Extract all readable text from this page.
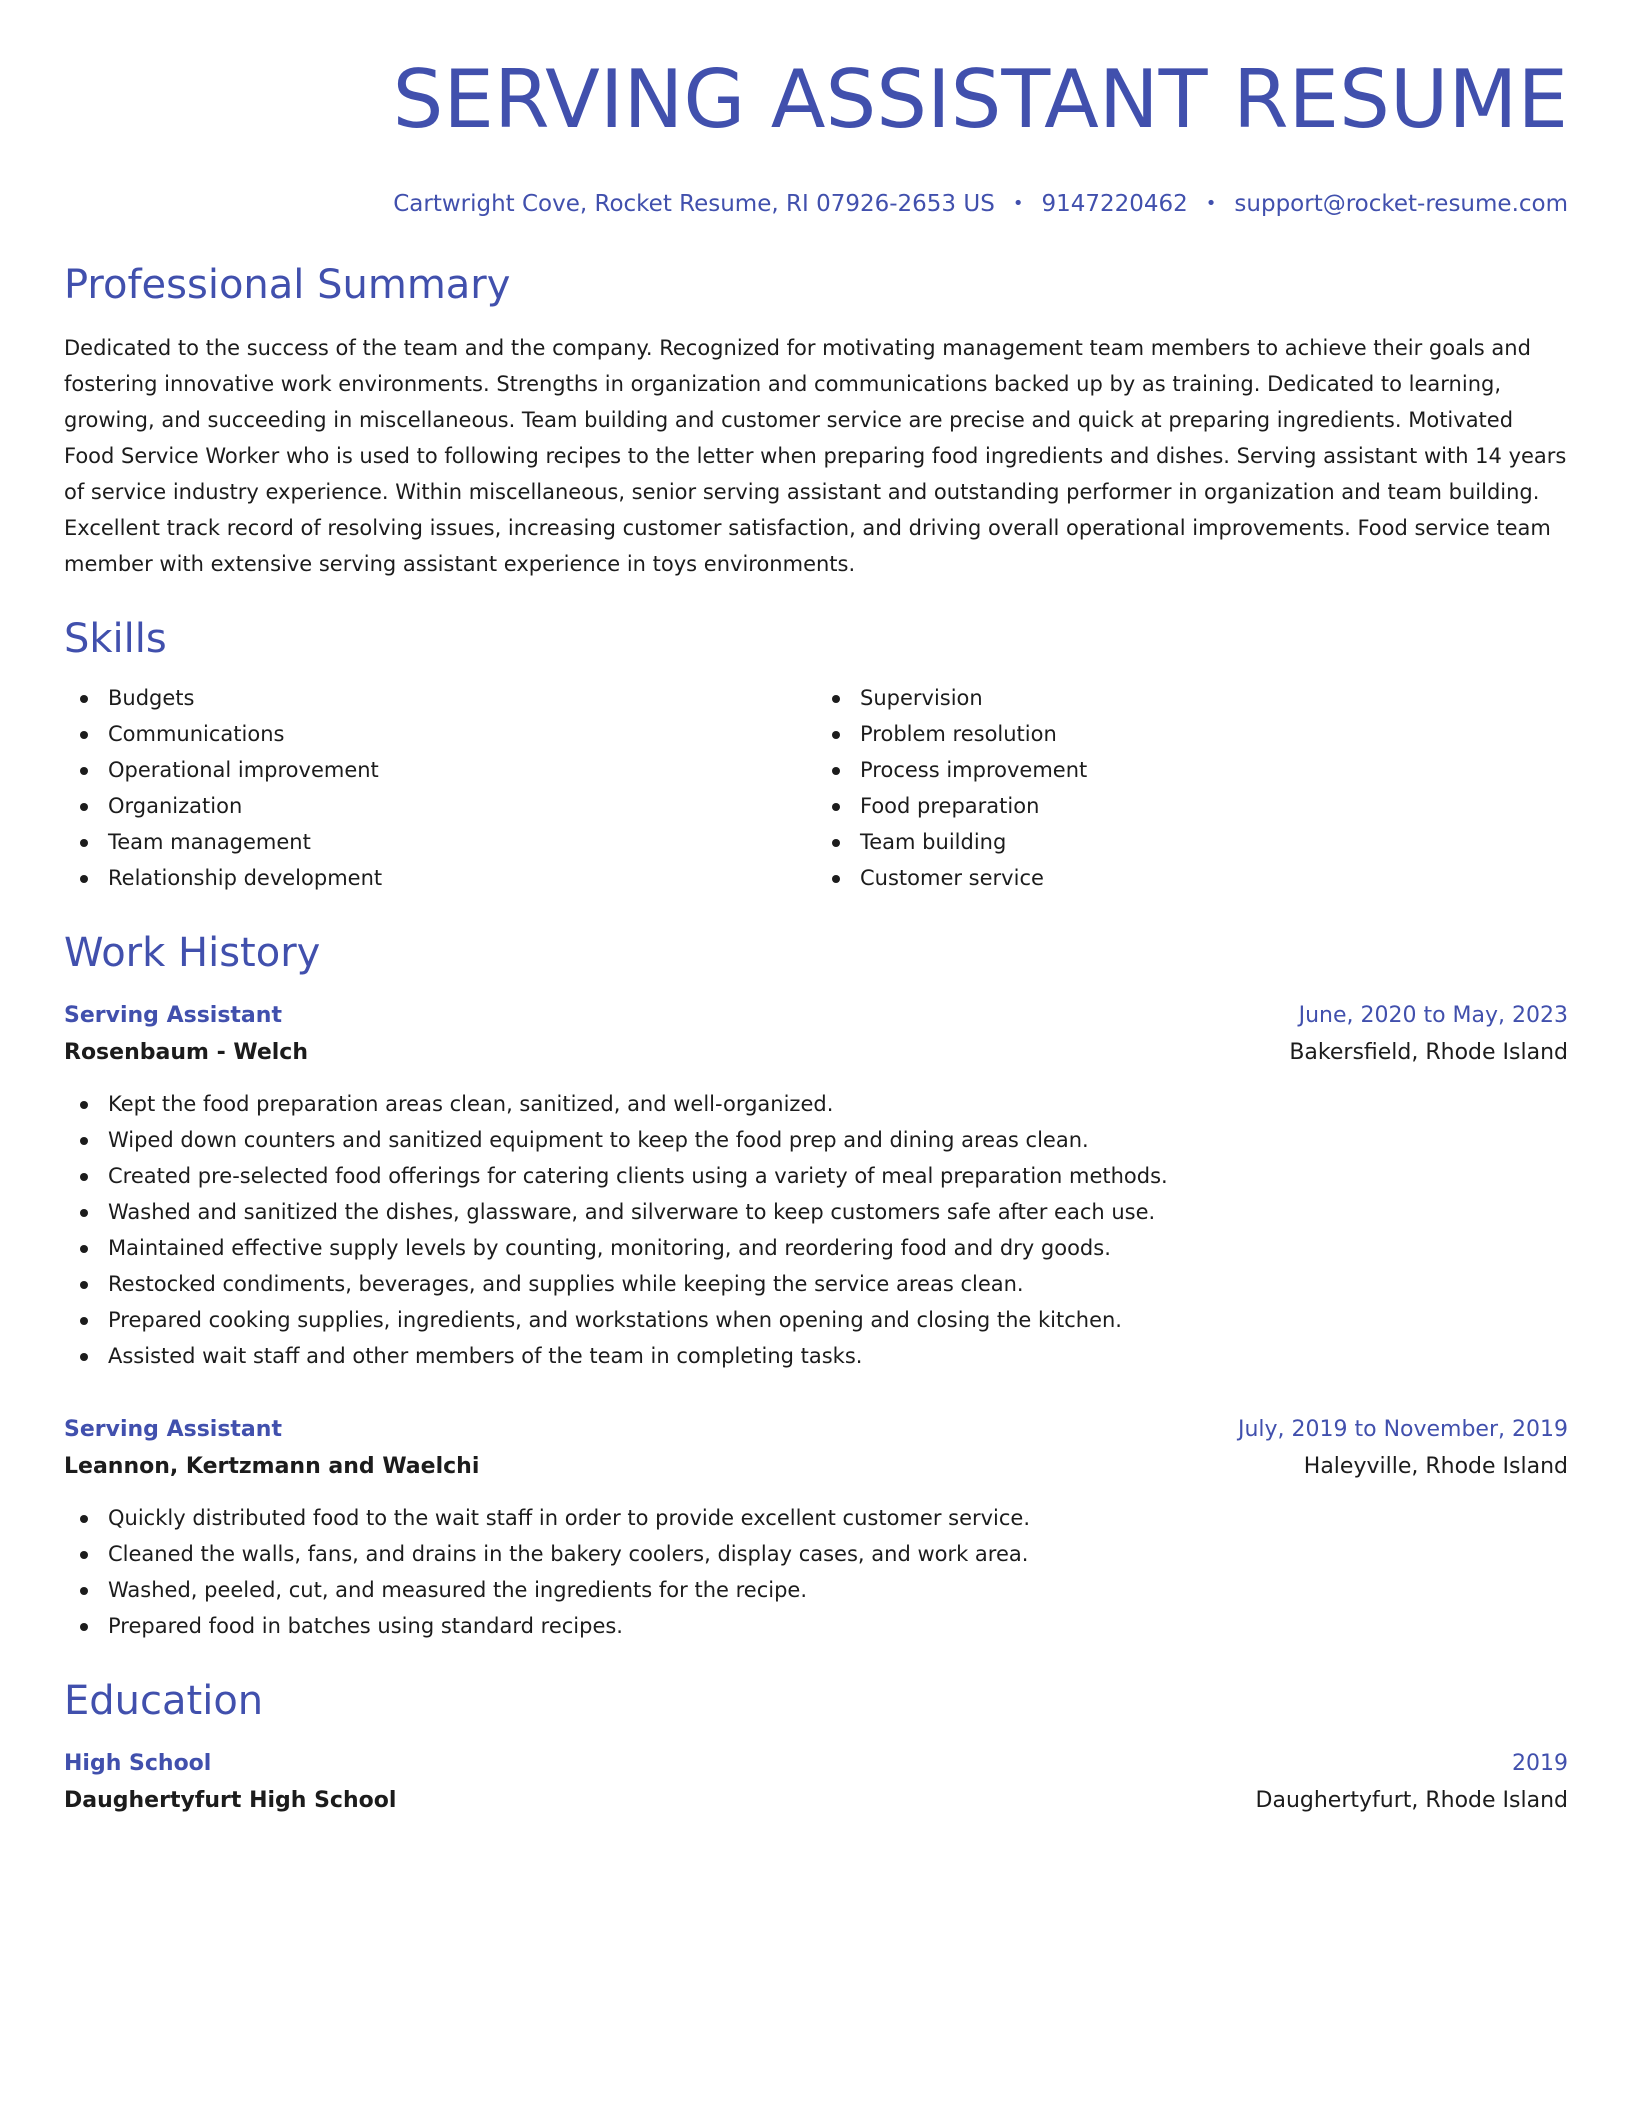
SERVING ASSISTANT RESUME
Cartwright Cove, Rocket Resume, RI 07926-2653 US • 9147220462 • support@rocket-resume.com
Professional Summary

Dedicated to the success of the team and the company. Recognized for motivating management team members to achieve their goals and fostering innovative work environments. Strengths in organization and communications backed up by as training. Dedicated to learning, growing, and succeeding in miscellaneous. Team building and customer service are precise and quick at preparing ingredients. Motivated Food Service Worker who is used to following recipes to the letter when preparing food ingredients and dishes. Serving assistant with 14 years of service industry experience. Within miscellaneous, senior serving assistant and outstanding performer in organization and team building. Excellent track record of resolving issues, increasing customer satisfaction, and driving overall operational improvements. Food service team member with extensive serving assistant experience in toys environments.

Skills
Budgets
Communications
Operational improvement
Organization
Team management
Relationship development
Supervision
Problem resolution
Process improvement
Food preparation
Team building
Customer service
Work History
Serving Assistant	June, 2020 to May, 2023
Rosenbaum - Welch	Bakersfield, Rhode Island
Kept the food preparation areas clean, sanitized, and well-organized.
Wiped down counters and sanitized equipment to keep the food prep and dining areas clean.
Created pre-selected food offerings for catering clients using a variety of meal preparation methods.
Washed and sanitized the dishes, glassware, and silverware to keep customers safe after each use.
Maintained effective supply levels by counting, monitoring, and reordering food and dry goods.
Restocked condiments, beverages, and supplies while keeping the service areas clean.
Prepared cooking supplies, ingredients, and workstations when opening and closing the kitchen.
Assisted wait staff and other members of the team in completing tasks.
Serving Assistant	July, 2019 to November, 2019
Leannon, Kertzmann and Waelchi	Haleyville, Rhode Island
Quickly distributed food to the wait staff in order to provide excellent customer service.
Cleaned the walls, fans, and drains in the bakery coolers, display cases, and work area.
Washed, peeled, cut, and measured the ingredients for the recipe.
Prepared food in batches using standard recipes.
Education
High School	2019
Daughertyfurt High School	Daughertyfurt, Rhode Island
